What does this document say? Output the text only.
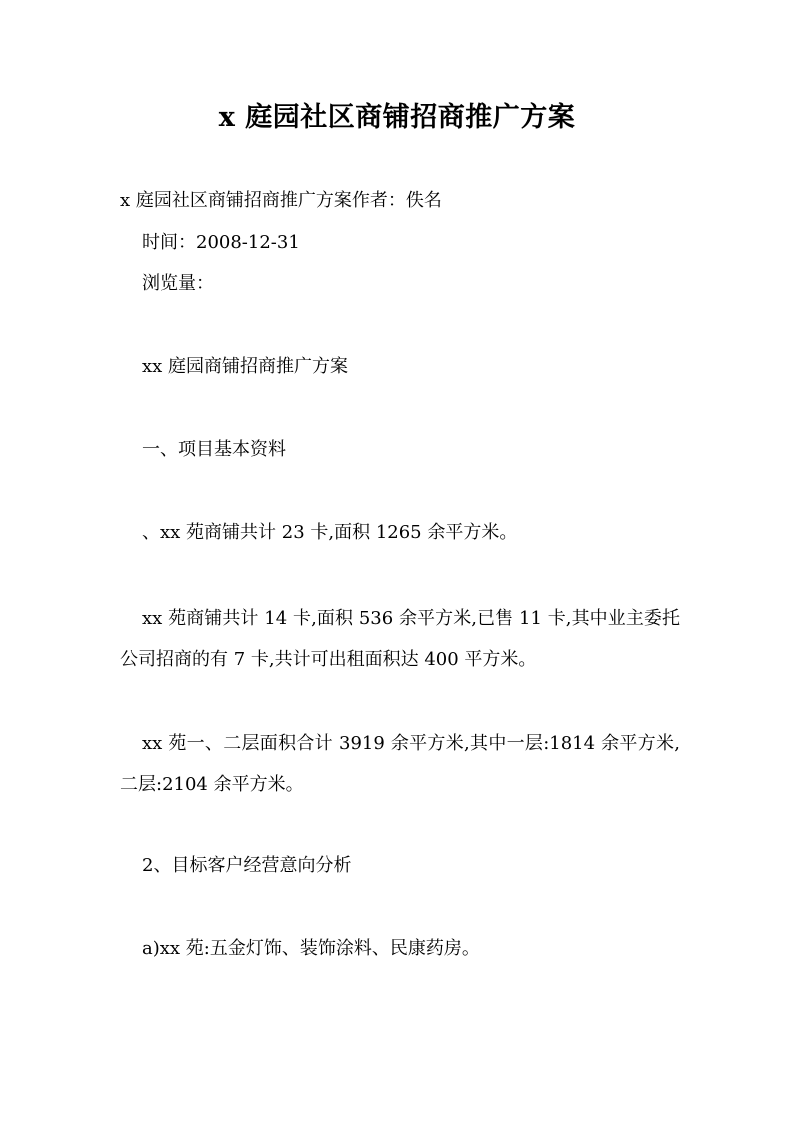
x 庭园社区商铺招商推广方案
x 庭园社区商铺招商推广方案作者：佚名
时间：2008-12-31
浏览量：
xx 庭园商铺招商推广方案
一、项目基本资料
、xx 苑商铺共计 23 卡,面积 1265 余平方米。
xx 苑商铺共计 14 卡,面积 536 余平方米,已售 11 卡,其中业主委托公司招商的有 7 卡,共计可出租面积达 400 平方米。
xx 苑一、二层面积合计 3919 余平方米,其中一层:1814 余平方米,二层:2104 余平方米。
2、目标客户经营意向分析
a)xx 苑:五金灯饰、装饰涂料、民康药房。
